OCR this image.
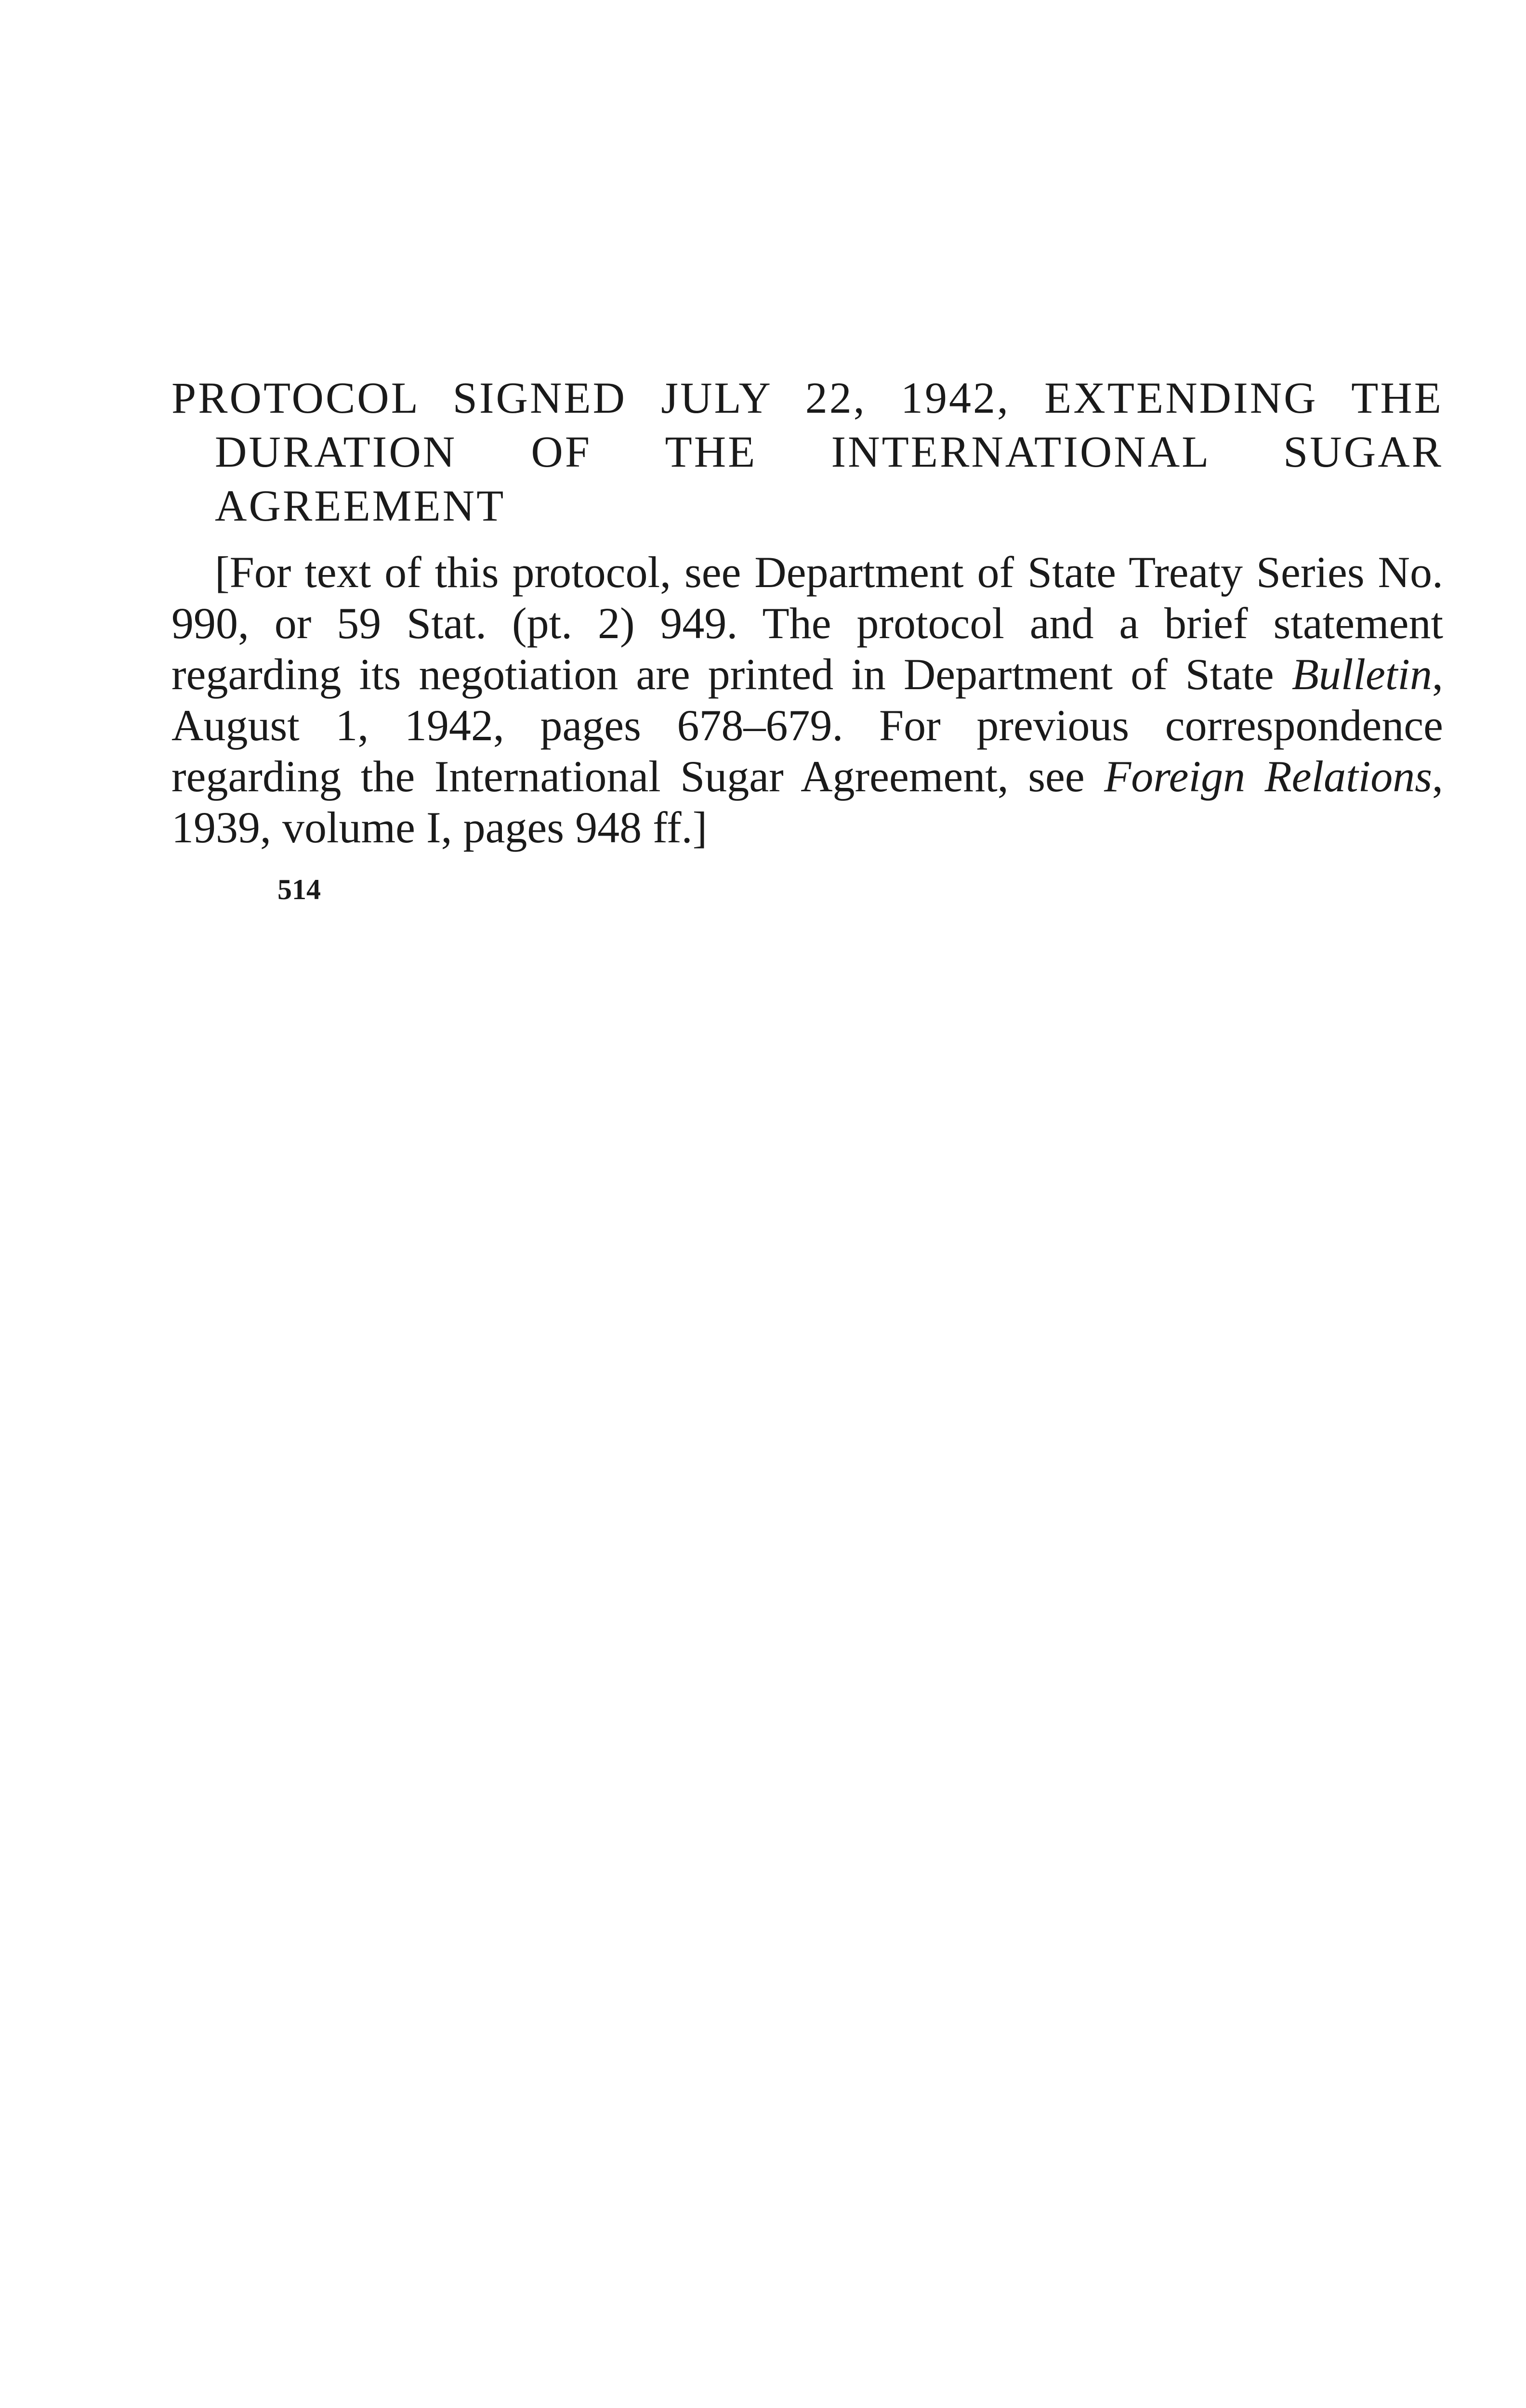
PROTOCOL SIGNED JULY 22, 1942, EXTENDING THE DURATION OF THE INTERNATIONAL SUGAR AGREEMENT

[For text of this protocol, see Department of State Treaty Series No. 990, or 59 Stat. (pt. 2) 949. The protocol and a brief statement regarding its negotiation are printed in Department of State Bulletin, August 1, 1942, pages 678–679. For previous correspondence regarding the International Sugar Agreement, see Foreign Relations, 1939, volume I, pages 948 ff.]

514
